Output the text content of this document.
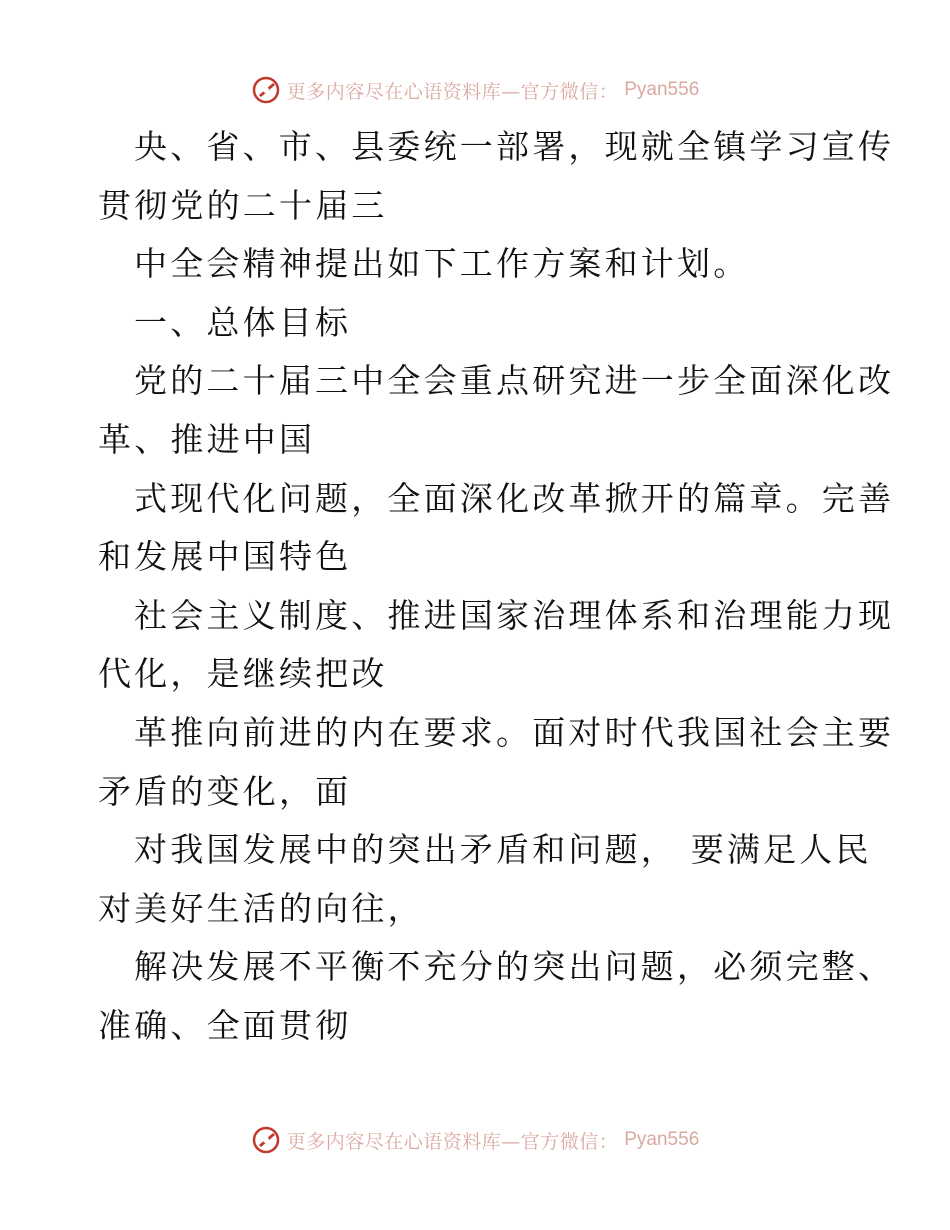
更多内容尽在心语资料库—官方微信： Pyan556

央、省、市、县委统一部署，现就全镇学习宣传
贯彻党的二十届三

中全会精神提出如下工作方案和计划。

一、总体目标

党的二十届三中全会重点研究进一步全面深化改
革、推进中国

式现代化问题，全面深化改革掀开的篇章。完善
和发展中国特色

社会主义制度、推进国家治理体系和治理能力现
代化，是继续把改

革推向前进的内在要求。面对时代我国社会主要
矛盾的变化，面

对我国发展中的突出矛盾和问题， 要满足人民
对美好生活的向往，

解决发展不平衡不充分的突出问题，必须完整、
准确、全面贯彻

更多内容尽在心语资料库—官方微信： Pyan556
